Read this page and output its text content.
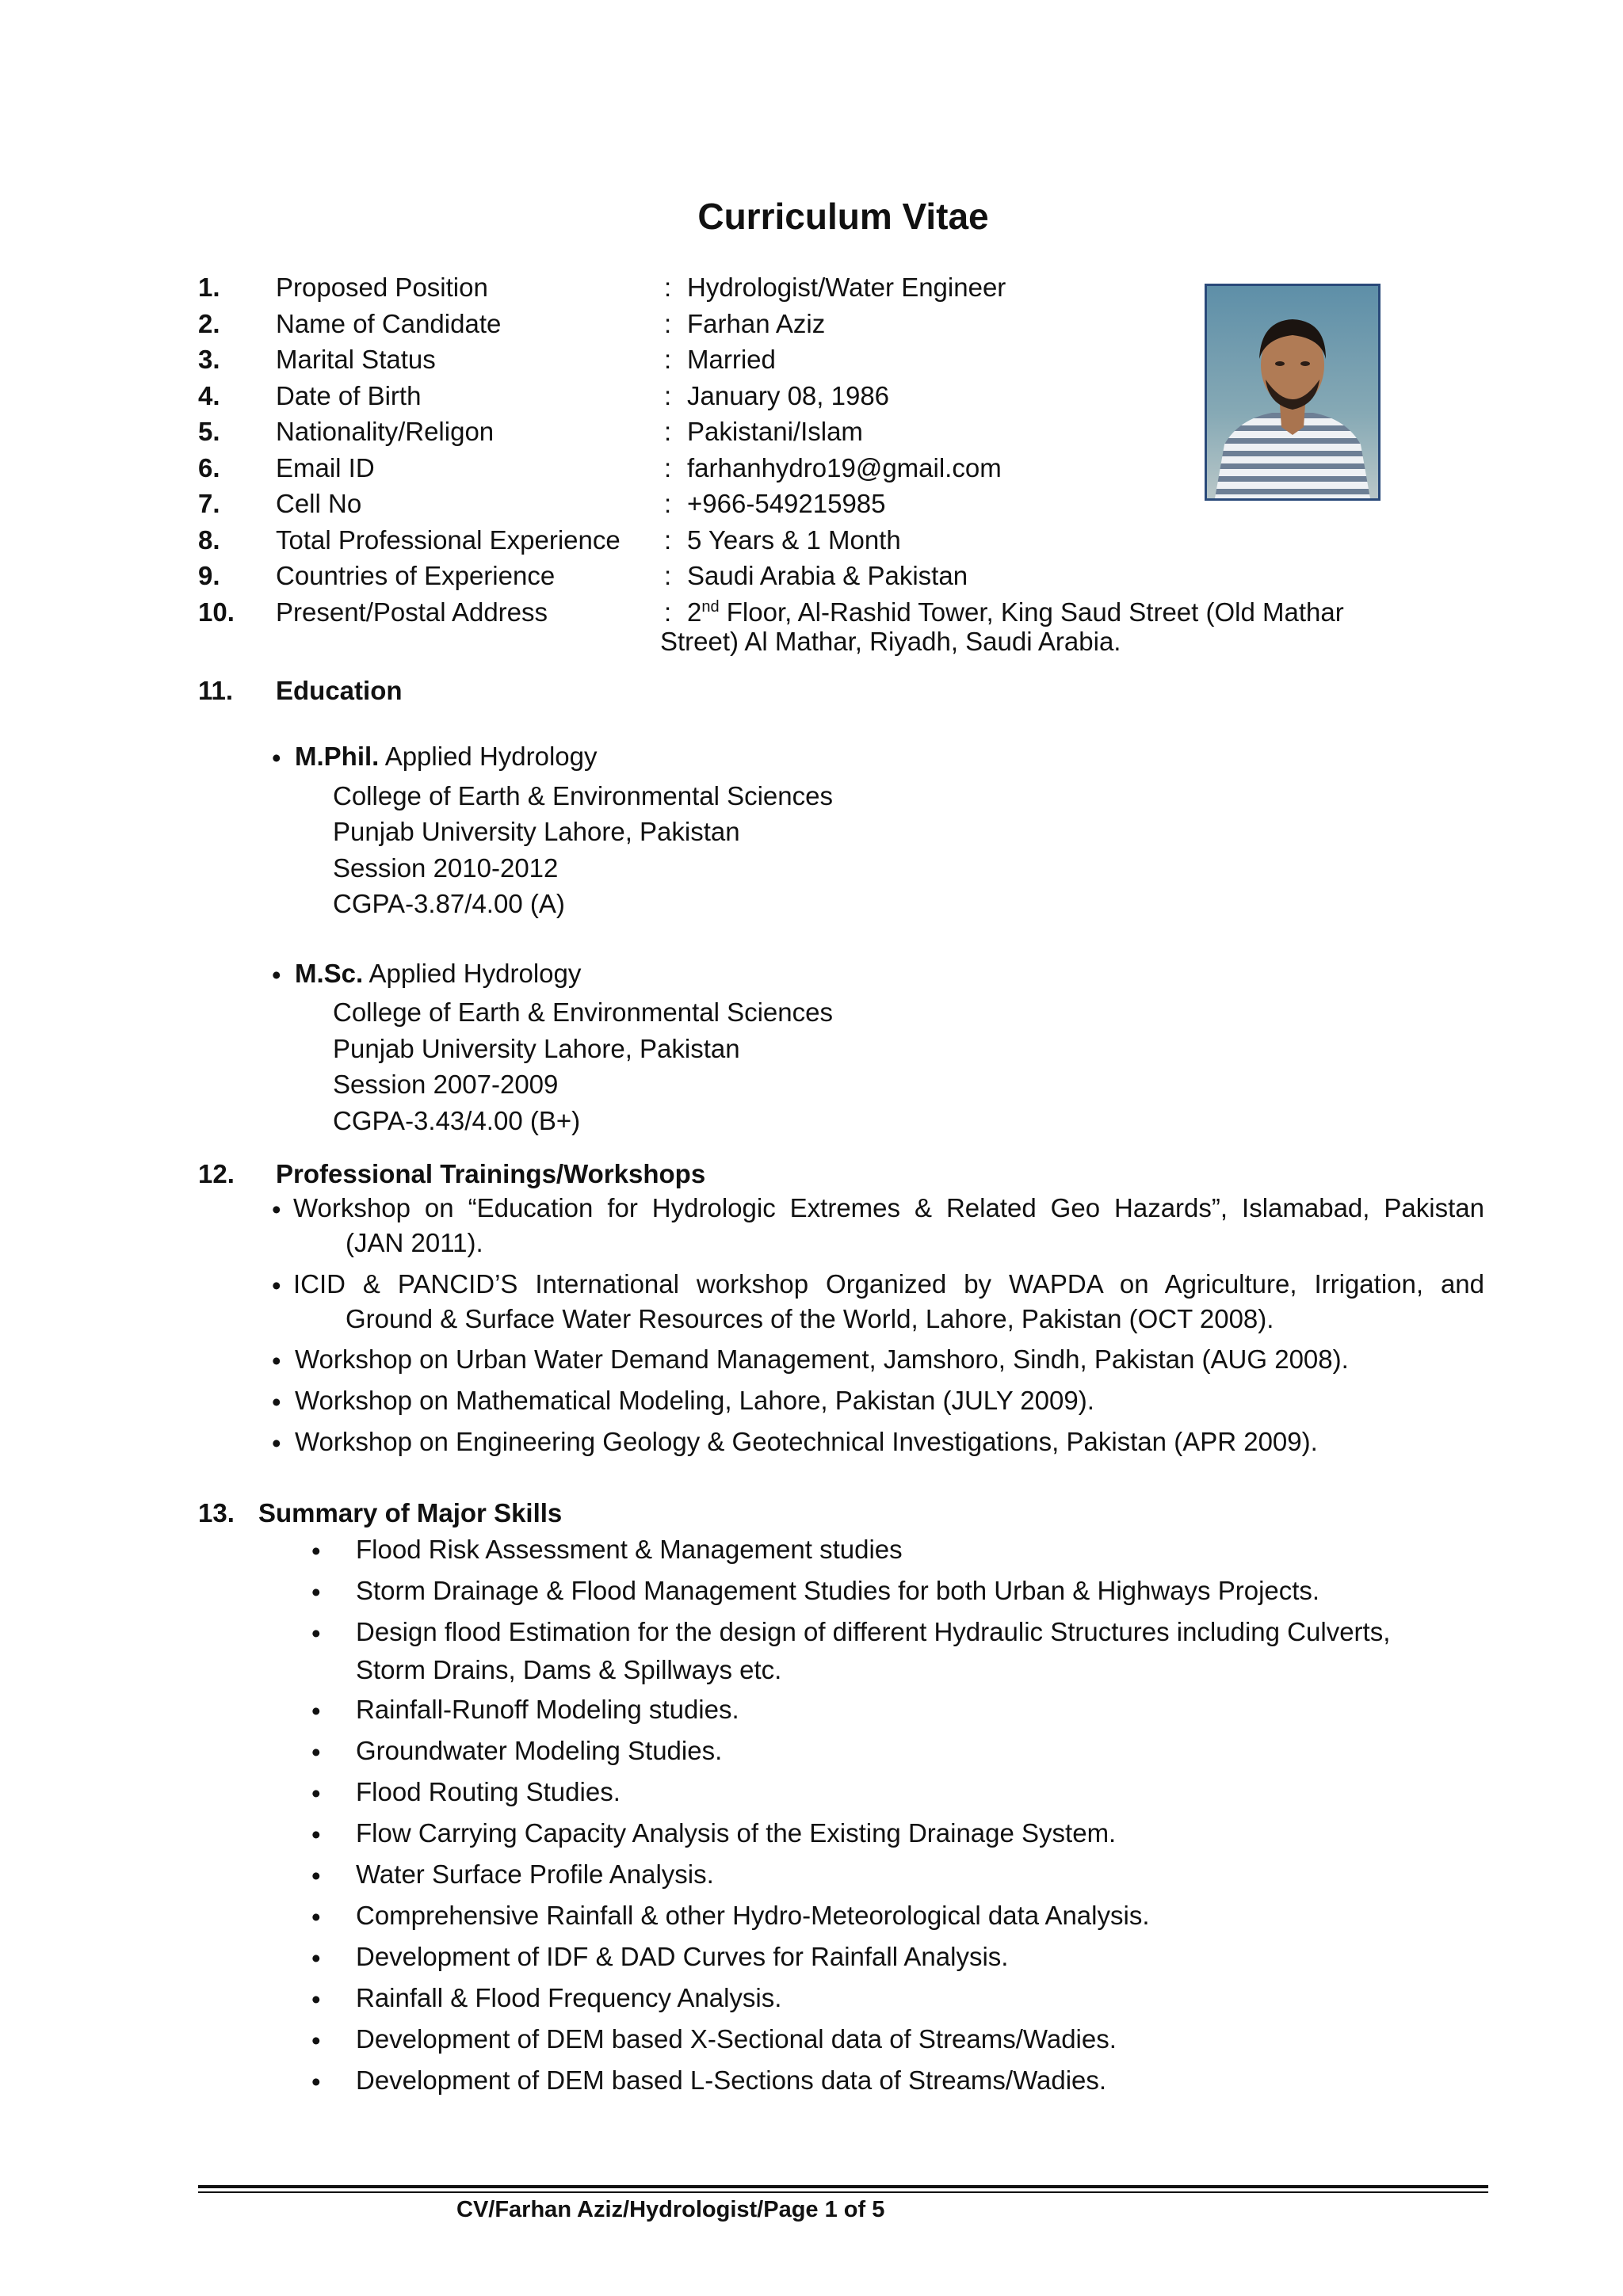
Curriculum Vitae
1. Proposed Position	: Hydrologist/Water Engineer
2. Name of Candidate	: Farhan Aziz
3. Marital Status	: Married
4. Date of Birth	: January 08, 1986
5. Nationality/Religon	: Pakistani/Islam
6. Email ID	: farhanhydro19@gmail.com
7. Cell No	: +966-549215985
8. Total Professional Experience : 5 Years & 1 Month
9. Countries of Experience	: Saudi Arabia & Pakistan
10. Present/Postal Address	: 2nd Floor, Al-Rashid Tower, King Saud Street (Old Mathar
Street) Al Mathar, Riyadh, Saudi Arabia.
11. Education
• M.Phil. Applied Hydrology
College of Earth & Environmental Sciences
Punjab University Lahore, Pakistan
Session 2010-2012
CGPA-3.87/4.00 (A)
• M.Sc. Applied Hydrology
College of Earth & Environmental Sciences
Punjab University Lahore, Pakistan
Session 2007-2009
CGPA-3.43/4.00 (B+)
12. Professional Trainings/Workshops
• Workshop on “Education for Hydrologic Extremes & Related Geo Hazards”, Islamabad, Pakistan
(JAN 2011).
• ICID & PANCID’S International workshop Organized by WAPDA on Agriculture, Irrigation, and
Ground & Surface Water Resources of the World, Lahore, Pakistan (OCT 2008).
• Workshop on Urban Water Demand Management, Jamshoro, Sindh, Pakistan (AUG 2008).
• Workshop on Mathematical Modeling, Lahore, Pakistan (JULY 2009).
• Workshop on Engineering Geology & Geotechnical Investigations, Pakistan (APR 2009).
13. Summary of Major Skills
• Flood Risk Assessment & Management studies
• Storm Drainage & Flood Management Studies for both Urban & Highways Projects.
• Design flood Estimation for the design of different Hydraulic Structures including Culverts,
Storm Drains, Dams & Spillways etc.
• Rainfall-Runoff Modeling studies.
• Groundwater Modeling Studies.
• Flood Routing Studies.
• Flow Carrying Capacity Analysis of the Existing Drainage System.
• Water Surface Profile Analysis.
• Comprehensive Rainfall & other Hydro-Meteorological data Analysis.
• Development of IDF & DAD Curves for Rainfall Analysis.
• Rainfall & Flood Frequency Analysis.
• Development of DEM based X-Sectional data of Streams/Wadies.
• Development of DEM based L-Sections data of Streams/Wadies.
CV/Farhan Aziz/Hydrologist/Page 1 of 5
